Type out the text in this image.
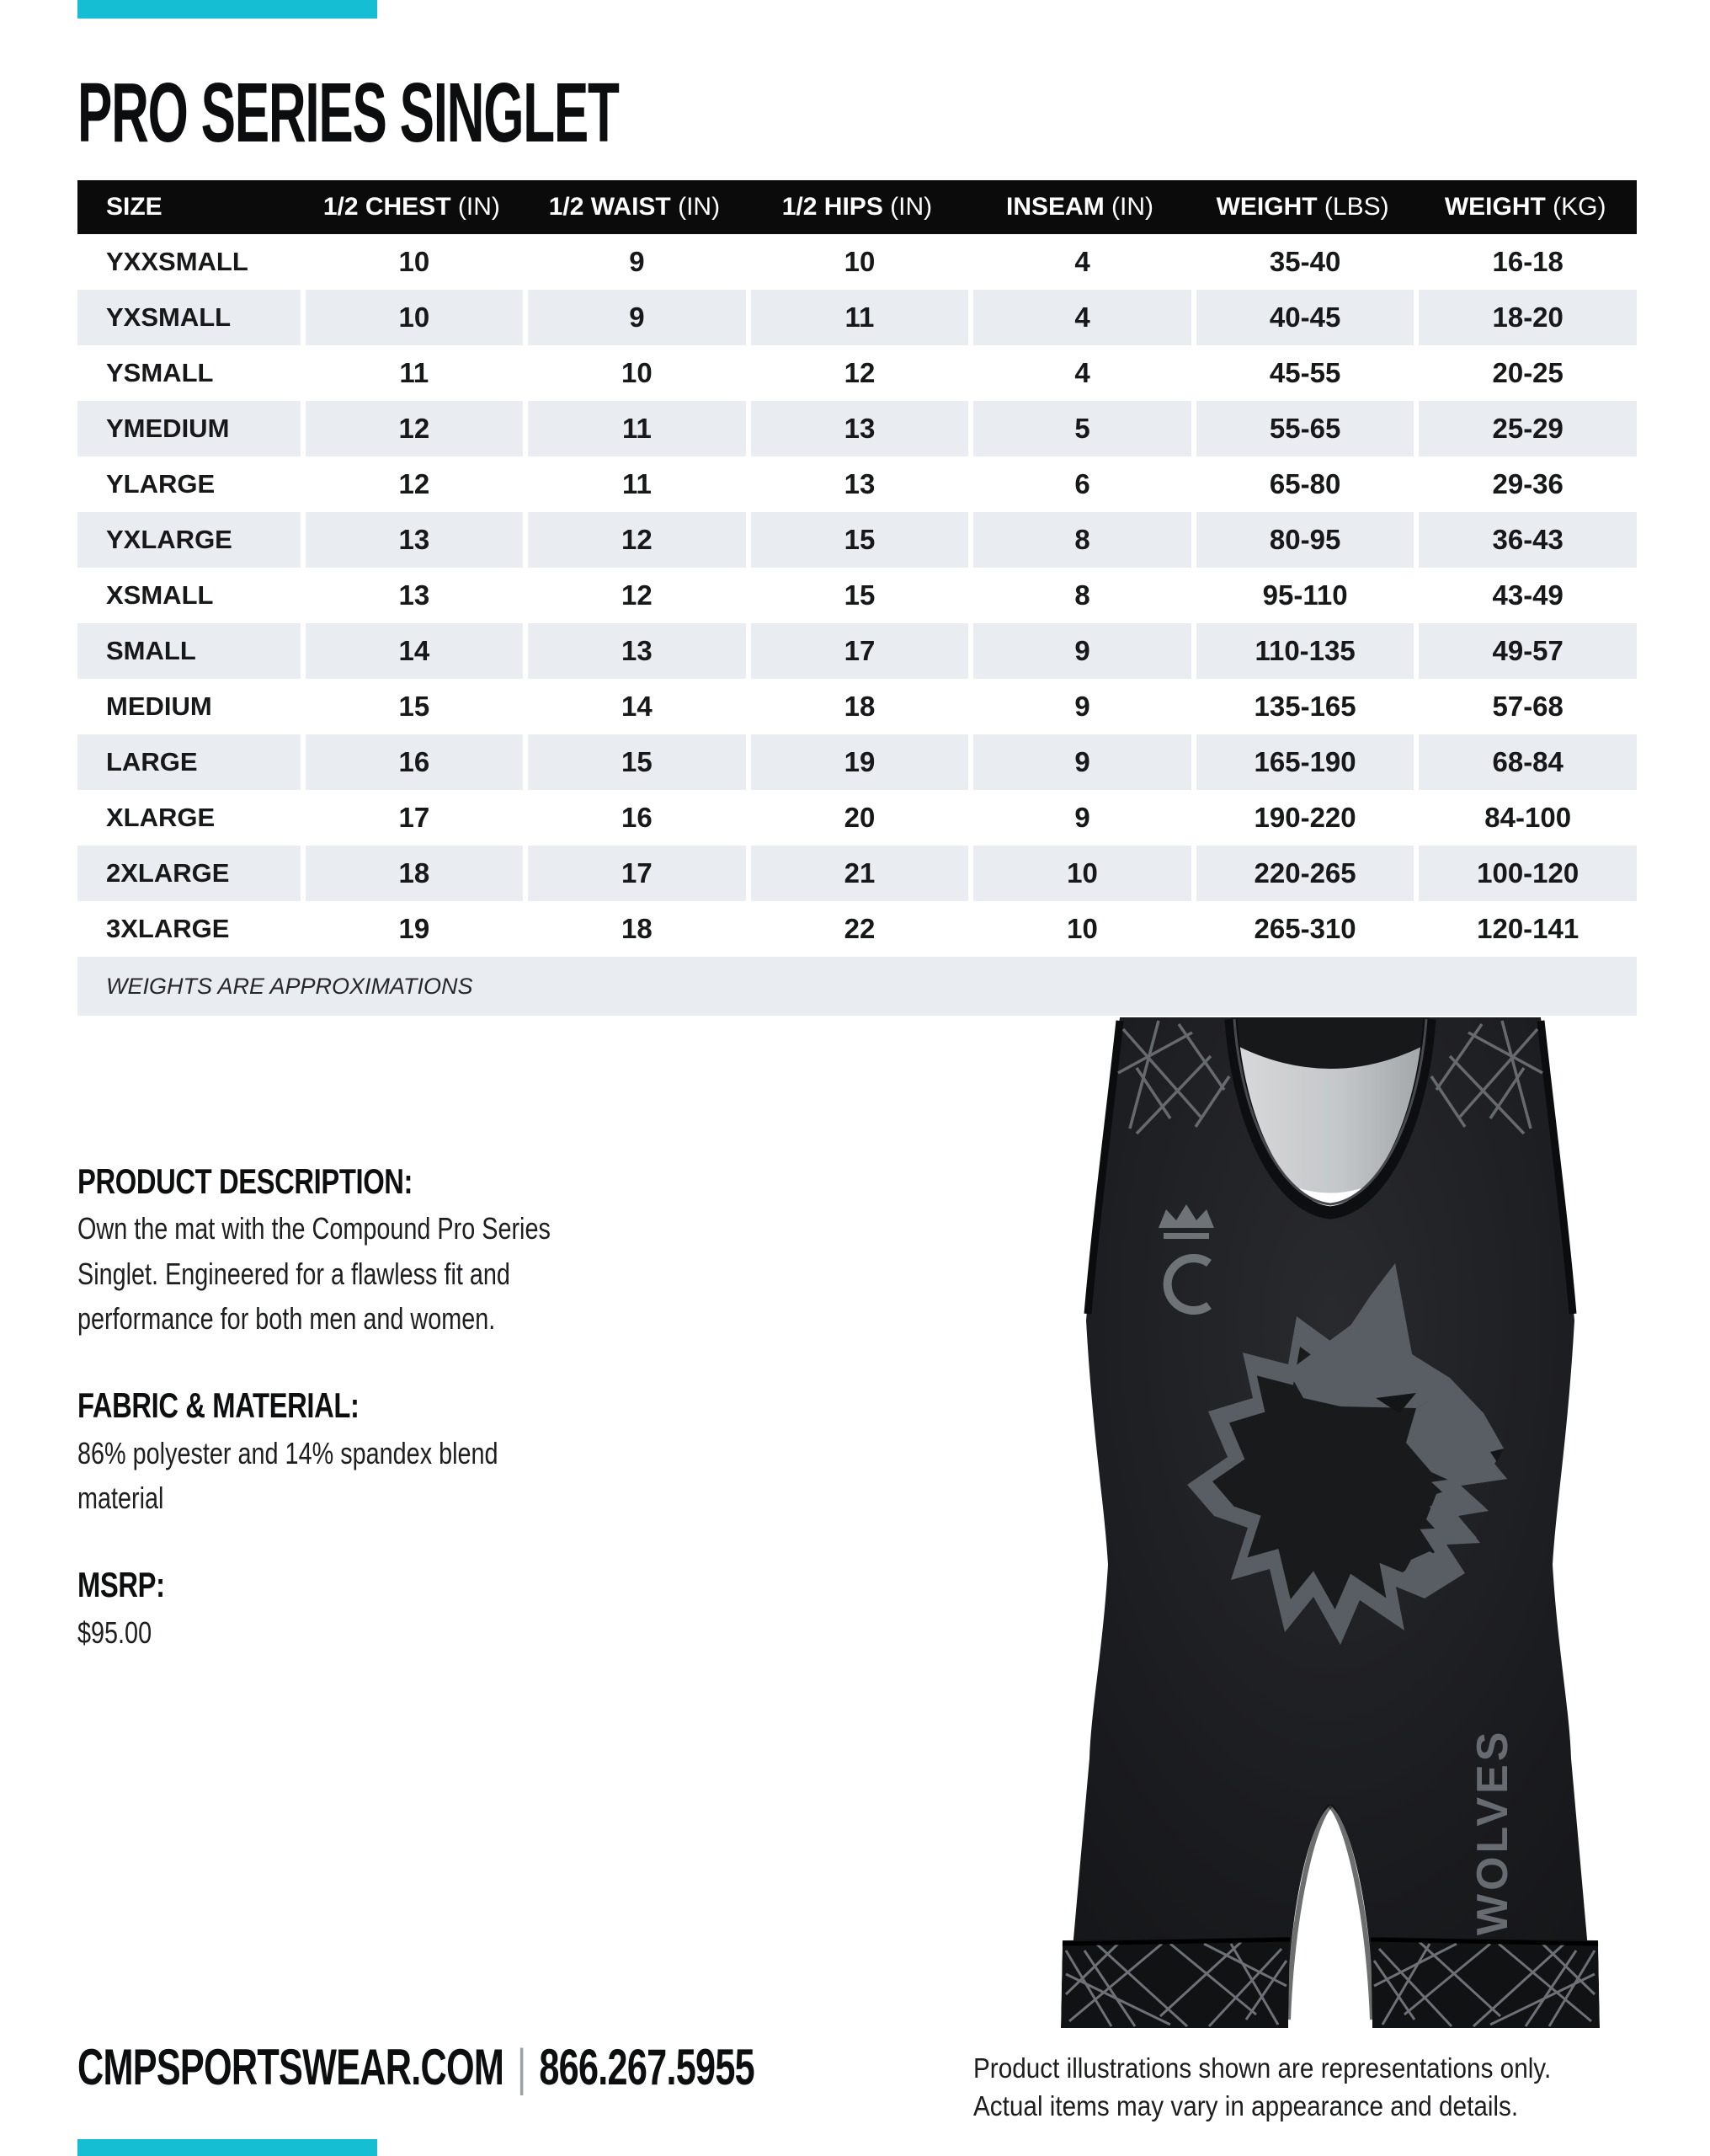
PRO SERIES SINGLET
SIZE	1/2 CHEST (IN)	1/2 WAIST (IN)	1/2 HIPS (IN)	INSEAM (IN)	WEIGHT (LBS)	WEIGHT (KG)
YXXSMALL	10	9	10	4	35-40	16-18
YXSMALL	10	9	11	4	40-45	18-20
YSMALL	11	10	12	4	45-55	20-25
YMEDIUM	12	11	13	5	55-65	25-29
YLARGE	12	11	13	6	65-80	29-36
YXLARGE	13	12	15	8	80-95	36-43
XSMALL	13	12	15	8	95-110	43-49
SMALL	14	13	17	9	110-135	49-57
MEDIUM	15	14	18	9	135-165	57-68
LARGE	16	15	19	9	165-190	68-84
XLARGE	17	16	20	9	190-220	84-100
2XLARGE	18	17	21	10	220-265	100-120
3XLARGE	19	18	22	10	265-310	120-141
WEIGHTS ARE APPROXIMATIONS						
PRODUCT DESCRIPTION:

Own the mat with the Compound Pro Series Singlet. Engineered for a flawless fit and performance for both men and women.

FABRIC & MATERIAL:

86% polyester and 14% spandex blend material

MSRP:

$95.00

WOLVES
CMPSPORTSWEAR.COM | 866.267.5955	Product illustrations shown are representations only.
Actual items may vary in appearance and details.
